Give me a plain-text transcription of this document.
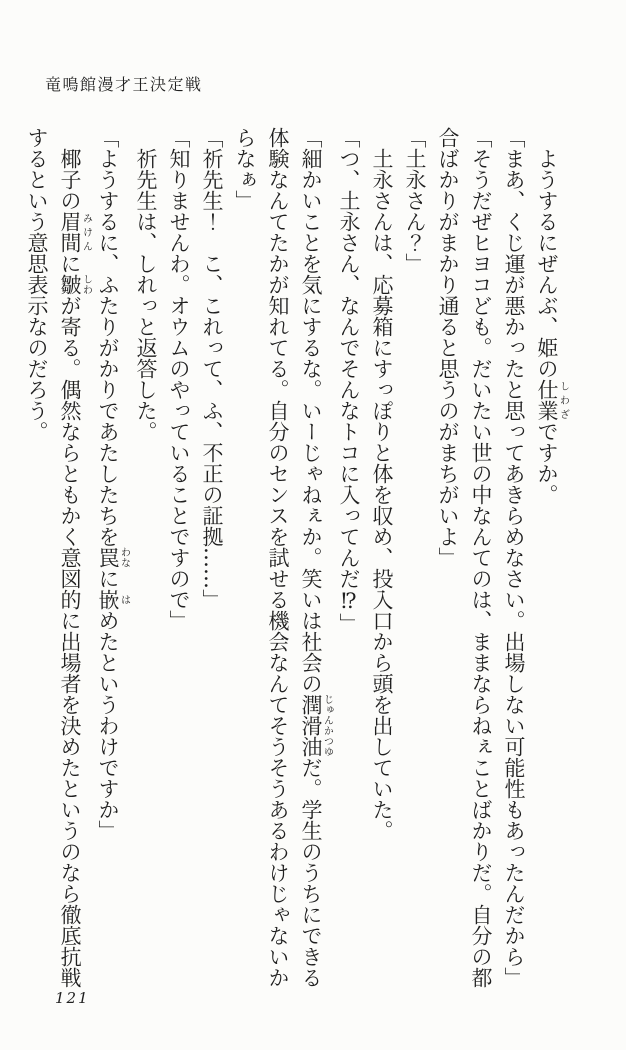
竜鳴館漫才王決定戦

ようするにぜんぶ、姫の仕業しわざですか。

「まあ、くじ運が悪かったと思ってあきらめなさい。出場しない可能性もあったんだから」

「そうだぜヒヨコども。だいたい世の中なんてのは、ままならねぇことばかりだ。自分の都合ばかりがまかり通ると思うのがまちがいよ」

「土永さん？」

土永さんは、応募箱にすっぽりと体を収め、投入口から頭を出していた。

「つ、土永さん、なんでそんなトコに入ってんだ⁉」

「細かいことを気にするな。いーじゃねぇか。笑いは社会の潤滑油じゅんかつゆだ。学生のうちにできる体験なんてたかが知れてる。自分のセンスを試せる機会なんてそうそうあるわけじゃないからなぁ」

「祈先生！　こ、これって、ふ、不正の証拠……」

「知りませんわ。オウムのやっていることですので」

祈先生は、しれっと返答した。

「ようするに、ふたりがかりであたしたちを罠わなに嵌はめたというわけですか」

椰子の眉間みけんに皺しわが寄る。偶然ならともかく意図的に出場者を決めたというのなら徹底抗戦するという意思表示なのだろう。

121
